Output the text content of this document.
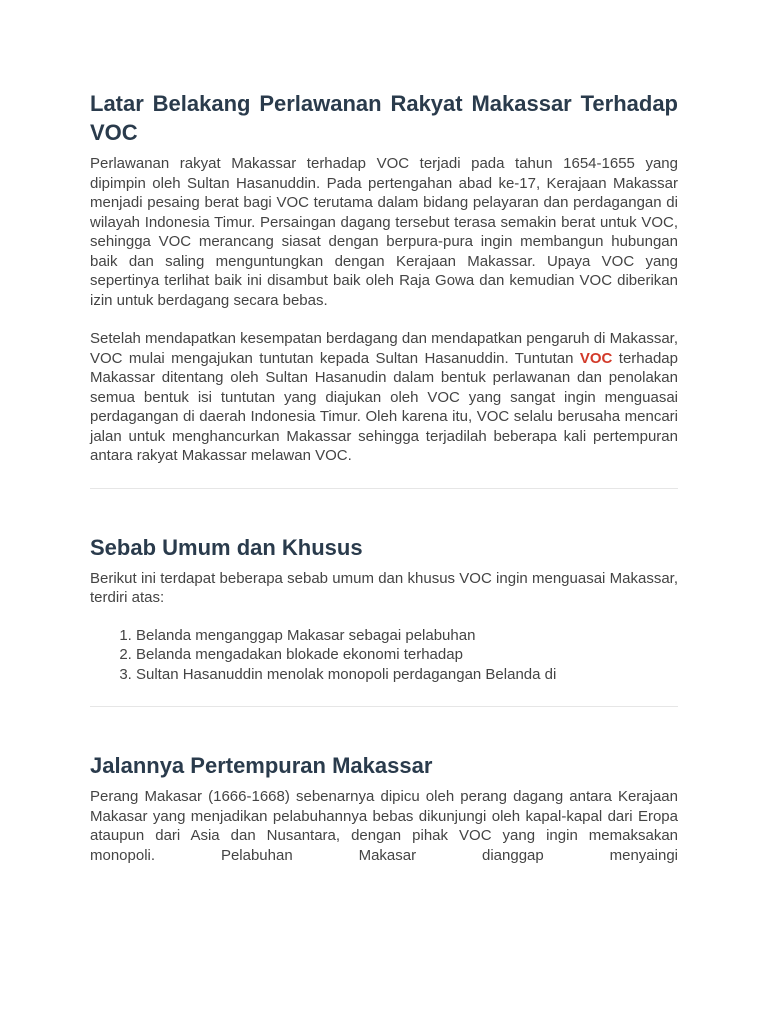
Latar Belakang Perlawanan Rakyat Makassar Terhadap VOC

Perlawanan rakyat Makassar terhadap VOC terjadi pada tahun 1654-1655 yang dipimpin oleh Sultan Hasanuddin. Pada pertengahan abad ke-17, Kerajaan Makassar menjadi pesaing berat bagi VOC terutama dalam bidang pelayaran dan perdagangan di wilayah Indonesia Timur. Persaingan dagang tersebut terasa semakin berat untuk VOC, sehingga VOC merancang siasat dengan berpura-pura ingin membangun hubungan baik dan saling menguntungkan dengan Kerajaan Makassar. Upaya VOC yang sepertinya terlihat baik ini disambut baik oleh Raja Gowa dan kemudian VOC diberikan izin untuk berdagang secara bebas.

Setelah mendapatkan kesempatan berdagang dan mendapatkan pengaruh di Makassar, VOC mulai mengajukan tuntutan kepada Sultan Hasanuddin. Tuntutan VOC terhadap Makassar ditentang oleh Sultan Hasanudin dalam bentuk perlawanan dan penolakan semua bentuk isi tuntutan yang diajukan oleh VOC yang sangat ingin menguasai perdagangan di daerah Indonesia Timur. Oleh karena itu, VOC selalu berusaha mencari jalan untuk menghancurkan Makassar sehingga terjadilah beberapa kali pertempuran antara rakyat Makassar melawan VOC.

Sebab Umum dan Khusus

Berikut ini terdapat beberapa sebab umum dan khusus VOC ingin menguasai Makassar, terdiri atas:

1. Belanda menganggap Makasar sebagai pelabuhan
2. Belanda mengadakan blokade ekonomi terhadap
3. Sultan Hasanuddin menolak monopoli perdagangan Belanda di
Jalannya Pertempuran Makassar

Perang Makasar (1666-1668) sebenarnya dipicu oleh perang dagang antara Kerajaan Makasar yang menjadikan pelabuhannya bebas dikunjungi oleh kapal-kapal dari Eropa ataupun dari Asia dan Nusantara, dengan pihak VOC yang ingin memaksakan monopoli. Pelabuhan Makasar dianggap menyaingi
